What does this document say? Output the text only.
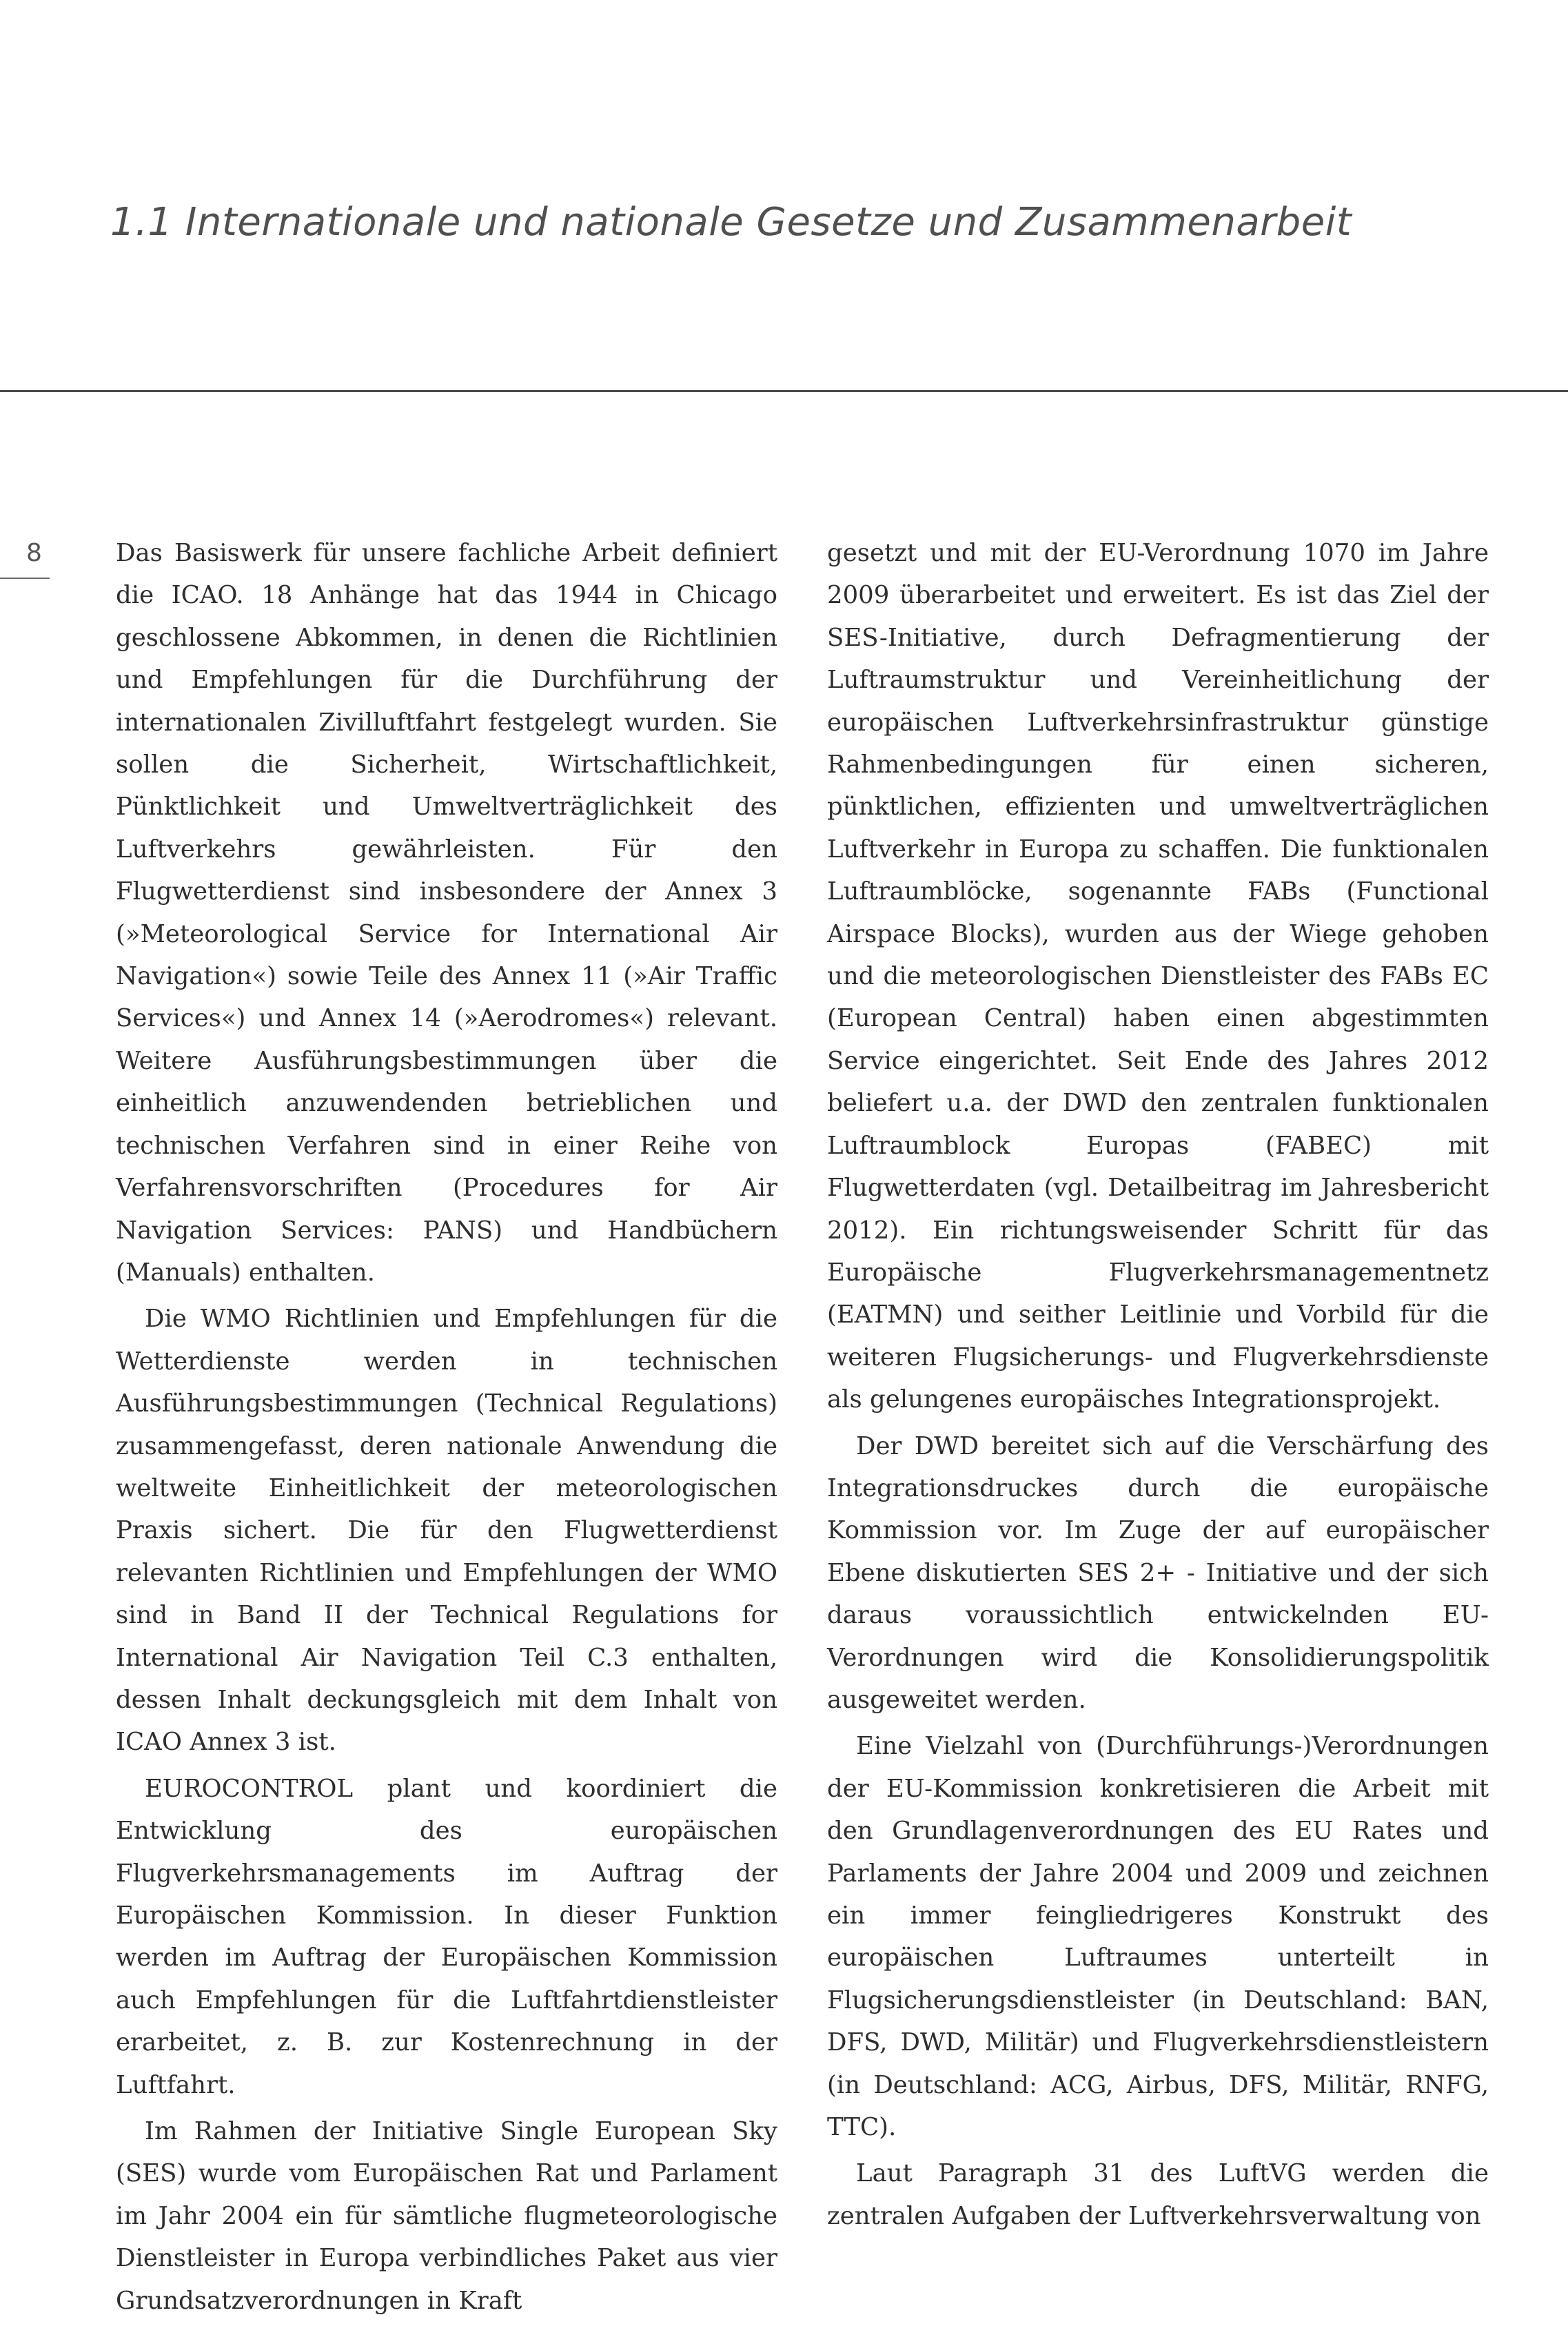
1.1 Internationale und nationale Gesetze und Zusammenarbeit
8	Das Basiswerk für unsere fachliche Arbeit definiert die ICAO. 18 Anhänge hat das 1944 in Chicago geschlossene Abkommen, in denen die Richtlinien und Empfehlungen für die Durchführung der internationalen Zivilluftfahrt festgelegt wurden. Sie sollen die Sicherheit, Wirtschaftlichkeit, Pünktlichkeit und Umweltverträglichkeit des Luftverkehrs gewährleisten. Für den Flugwetterdienst sind insbesondere der Annex 3 (»Meteorological Service for International Air Navigation«) sowie Teile des Annex 11 (»Air Traffic Services«) und Annex 14 (»Aerodromes«) relevant. Weitere Ausführungsbestimmungen über die einheitlich anzuwendenden betrieblichen und technischen Verfahren sind in einer Reihe von Verfahrensvorschriften (Procedures for Air Navigation Services: PANS) und Handbüchern (Manuals) enthalten.

Die WMO Richtlinien und Empfehlungen für die Wetterdienste werden in technischen Ausführungsbestimmungen (Technical Regulations) zusammengefasst, deren nationale Anwendung die weltweite Einheitlichkeit der meteorologischen Praxis sichert. Die für den Flugwetterdienst relevanten Richtlinien und Empfehlungen der WMO sind in Band II der Technical Regulations for International Air Navigation Teil C.3 enthalten, dessen Inhalt deckungsgleich mit dem Inhalt von ICAO Annex 3 ist.

EUROCONTROL plant und koordiniert die Entwicklung des europäischen Flugverkehrsmanagements im Auftrag der Europäischen Kommission. In dieser Funktion werden im Auftrag der Europäischen Kommission auch Empfehlungen für die Luftfahrtdienstleister erarbeitet, z. B. zur Kostenrechnung in der Luftfahrt.

Im Rahmen der Initiative Single European Sky (SES) wurde vom Europäischen Rat und Parlament im Jahr 2004 ein für sämtliche flugmeteorologische Dienstleister in Europa verbindliches Paket aus vier Grundsatzverordnungen in Kraft

gesetzt und mit der EU-Verordnung 1070 im Jahre 2009 überarbeitet und erweitert. Es ist das Ziel der SES-Initiative, durch Defragmentierung der Luftraumstruktur und Vereinheitlichung der europäischen Luftverkehrsinfrastruktur günstige Rahmenbedingungen für einen sicheren, pünktlichen, effizienten und umweltverträglichen Luftverkehr in Europa zu schaffen. Die funktionalen Luftraumblöcke, sogenannte FABs (Functional Airspace Blocks), wurden aus der Wiege gehoben und die meteorologischen Dienstleister des FABs EC (European Central) haben einen abgestimmten Service eingerichtet. Seit Ende des Jahres 2012 beliefert u.a. der DWD den zentralen funktionalen Luftraumblock Europas (FABEC) mit Flugwetterdaten (vgl. Detailbeitrag im Jahresbericht 2012). Ein richtungsweisender Schritt für das Europäische Flugverkehrsmanagementnetz (EATMN) und seither Leitlinie und Vorbild für die weiteren Flugsicherungs- und Flugverkehrsdienste als gelungenes europäisches Integrationsprojekt.

Der DWD bereitet sich auf die Verschärfung des Integrationsdruckes durch die europäische Kommission vor. Im Zuge der auf europäischer Ebene diskutierten SES 2+ - Initiative und der sich daraus voraussichtlich entwickelnden EU-Verordnungen wird die Konsolidierungspolitik ausgeweitet werden.

Eine Vielzahl von (Durchführungs-)Verordnungen der EU-Kommission konkretisieren die Arbeit mit den Grundlagenverordnungen des EU Rates und Parlaments der Jahre 2004 und 2009 und zeichnen ein immer feingliedrigeres Konstrukt des europäischen Luftraumes unterteilt in Flugsicherungsdienstleister (in Deutschland: BAN, DFS, DWD, Militär) und Flugverkehrsdienstleistern (in Deutschland: ACG, Airbus, DFS, Militär, RNFG, TTC).

Laut Paragraph 31 des LuftVG werden die zentralen Aufgaben der Luftverkehrsverwaltung von
